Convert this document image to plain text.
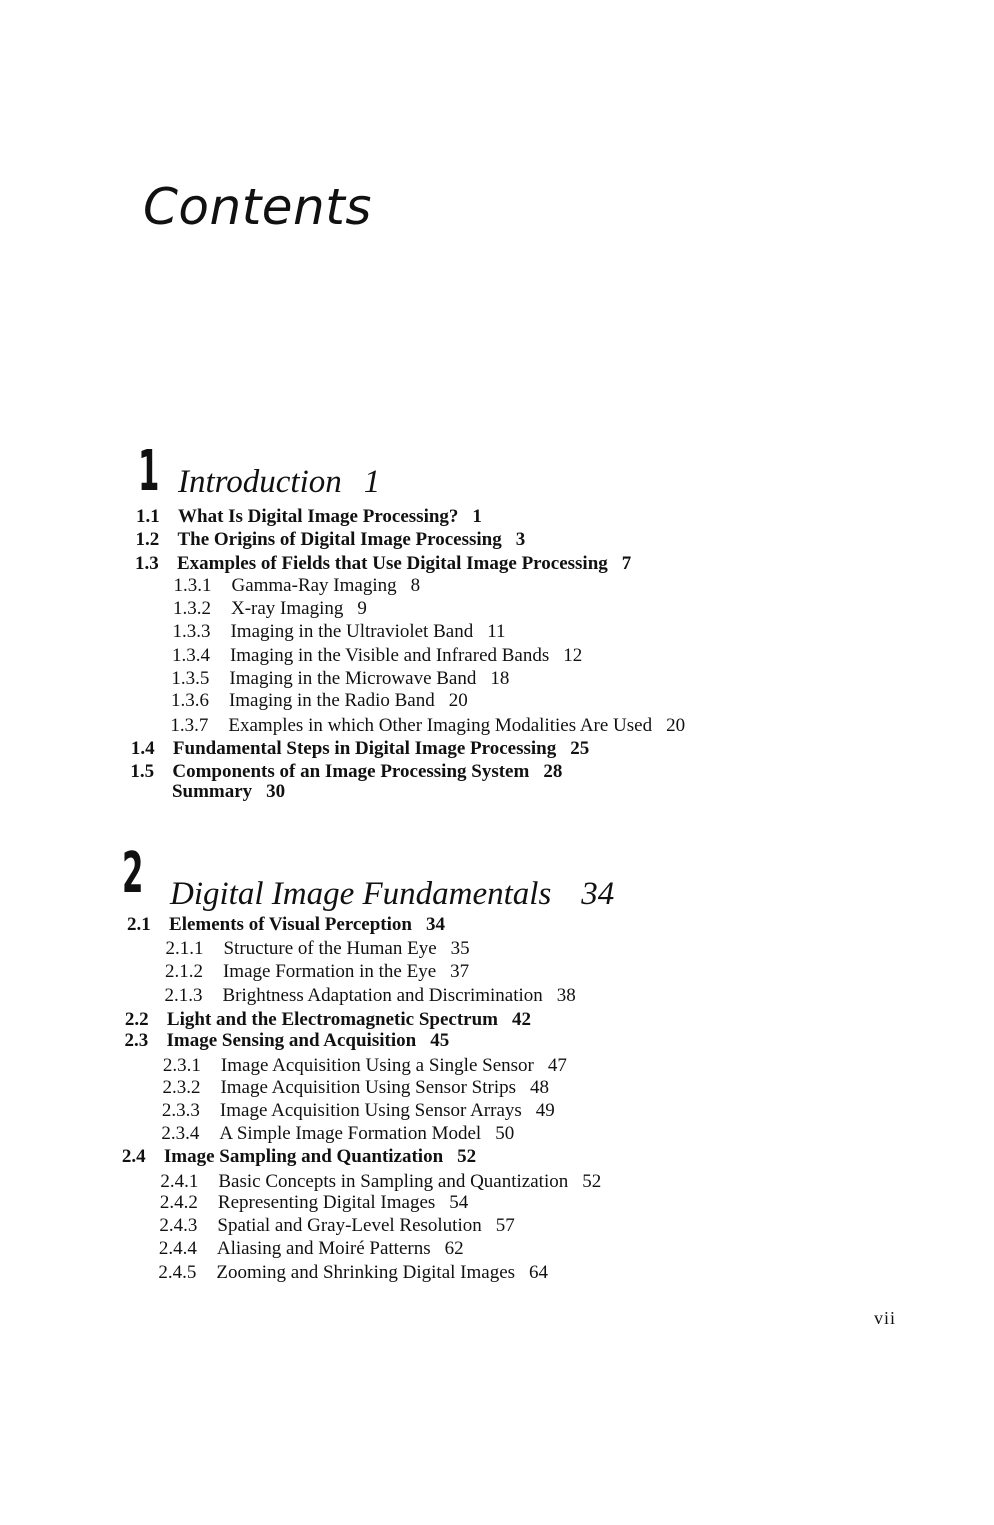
Contents
1 Introduction 1
2 Digital Image Fundamentals 34
1.1 What Is Digital Image Processing? 1
1.2 The Origins of Digital Image Processing 3
1.3 Examples of Fields that Use Digital Image Processing 7
1.3.1 Gamma-Ray Imaging 8
1.3.2 X-ray Imaging 9
1.3.3 Imaging in the Ultraviolet Band 11
1.3.4 Imaging in the Visible and Infrared Bands 12
1.3.5 Imaging in the Microwave Band 18
1.3.6 Imaging in the Radio Band 20
1.3.7 Examples in which Other Imaging Modalities Are Used 20
1.4 Fundamental Steps in Digital Image Processing 25
1.5 Components of an Image Processing System 28
Summary 30
2.1 Elements of Visual Perception 34
2.1.1 Structure of the Human Eye 35
2.1.2 Image Formation in the Eye 37
2.1.3 Brightness Adaptation and Discrimination 38
2.2 Light and the Electromagnetic Spectrum 42
2.3 Image Sensing and Acquisition 45
2.3.1 Image Acquisition Using a Single Sensor 47
2.3.2 Image Acquisition Using Sensor Strips 48
2.3.3 Image Acquisition Using Sensor Arrays 49
2.3.4 A Simple Image Formation Model 50
2.4 Image Sampling and Quantization 52
2.4.1 Basic Concepts in Sampling and Quantization 52
2.4.2 Representing Digital Images 54
2.4.3 Spatial and Gray-Level Resolution 57
2.4.4 Aliasing and Moiré Patterns 62
2.4.5 Zooming and Shrinking Digital Images 64
vii
